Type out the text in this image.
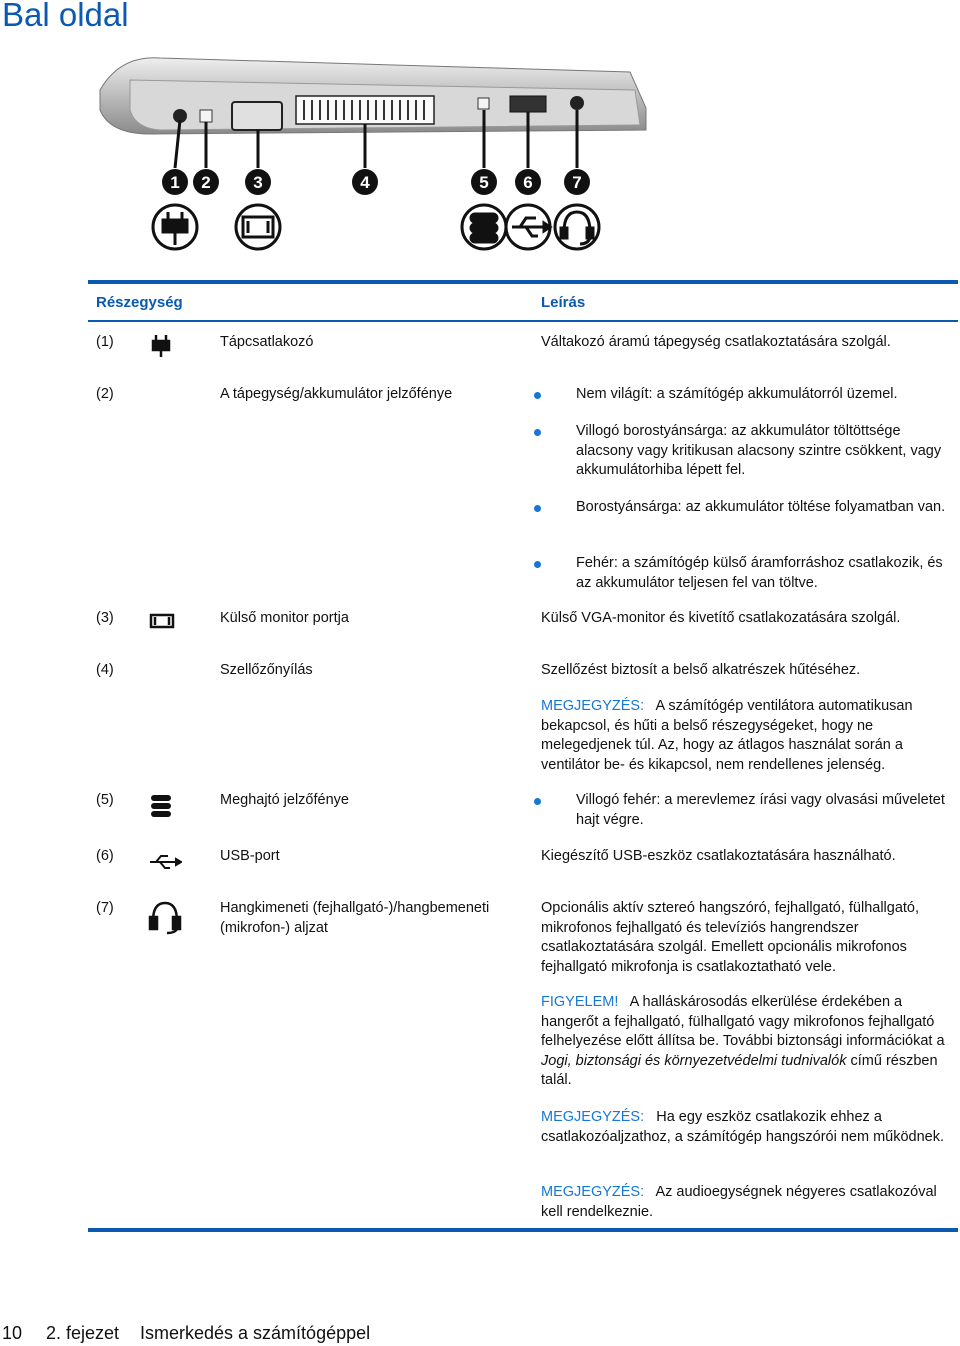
Bal oldal
1 2	3	4	5 6 7
Részegység	Leírás
(1)	Tápcsatlakozó	Váltakozó áramú tápegység csatlakoztatására szolgál.
(2)	A tápegység/akkumulátor jelzőfénye	Nem világít: a számítógép akkumulátorról üzemel.
Villogó borostyánsárga: az akkumulátor töltöttsége alacsony vagy kritikusan alacsony szintre csökkent, vagy akkumulátorhiba lépett fel.
Borostyánsárga: az akkumulátor töltése folyamatban van.
Fehér: a számítógép külső áramforráshoz csatlakozik, és az akkumulátor teljesen fel van töltve.
(3)	Külső monitor portja	Külső VGA-monitor és kivetítő csatlakozatására szolgál.
(4)	Szellőzőnyílás	Szellőzést biztosít a belső alkatrészek hűtéséhez.
MEGJEGYZÉS: A számítógép ventilátora automatikusan bekapcsol, és hűti a belső részegységeket, hogy ne melegedjenek túl. Az, hogy az átlagos használat során a ventilátor be- és kikapcsol, nem rendellenes jelenség.
(5)	Meghajtó jelzőfénye	Villogó fehér: a merevlemez írási vagy olvasási műveletet hajt végre.
(6)	USB-port	Kiegészítő USB-eszköz csatlakoztatására használható.
(7)	Hangkimeneti (fejhallgató-)/hangbemeneti (mikrofon-) aljzat
Opcionális aktív sztereó hangszóró, fejhallgató, fülhallgató, mikrofonos fejhallgató és televíziós hangrendszer csatlakoztatására szolgál. Emellett opcionális mikrofonos fejhallgató mikrofonja is csatlakoztatható vele.
FIGYELEM! A halláskárosodás elkerülése érdekében a hangerőt a fejhallgató, fülhallgató vagy mikrofonos fejhallgató felhelyezése előtt állítsa be. További biztonsági információkat a Jogi, biztonsági és környezetvédelmi tudnivalók című részben talál.
MEGJEGYZÉS: Ha egy eszköz csatlakozik ehhez a csatlakozóaljzathoz, a számítógép hangszórói nem működnek.
MEGJEGYZÉS: Az audioegységnek négyeres csatlakozóval kell rendelkeznie.
10 2. fejezet Ismerkedés a számítógéppel
